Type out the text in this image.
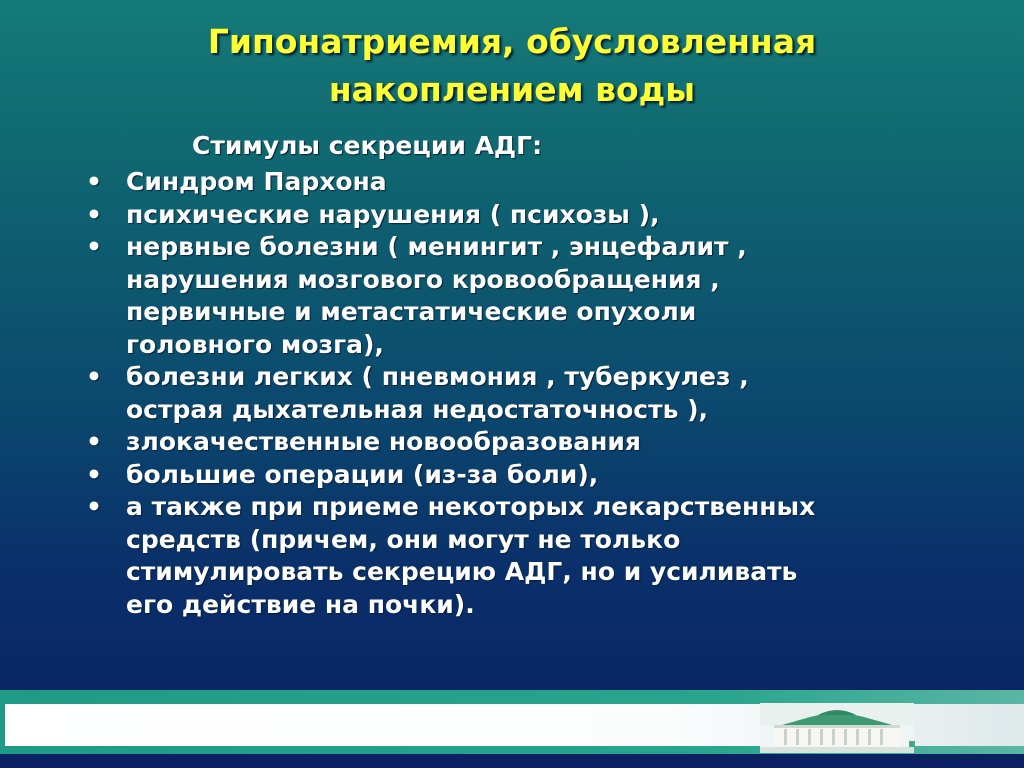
Гипонатриемия, обусловленная
накоплением воды
Стимулы секреции АДГ:
• Синдром Пархона
• психические нарушения ( психозы ),
• нервные болезни ( менингит , энцефалит ,
нарушения мозгового кровообращения ,
первичные и метастатические опухоли
головного мозга),
• болезни легких ( пневмония , туберкулез ,
острая дыхательная недостаточность ),
• злокачественные новообразования
• большие операции (из-за боли),
• а также при приеме некоторых лекарственных
средств (причем, они могут не только
стимулировать секрецию АДГ, но и усиливать
его действие на почки).
